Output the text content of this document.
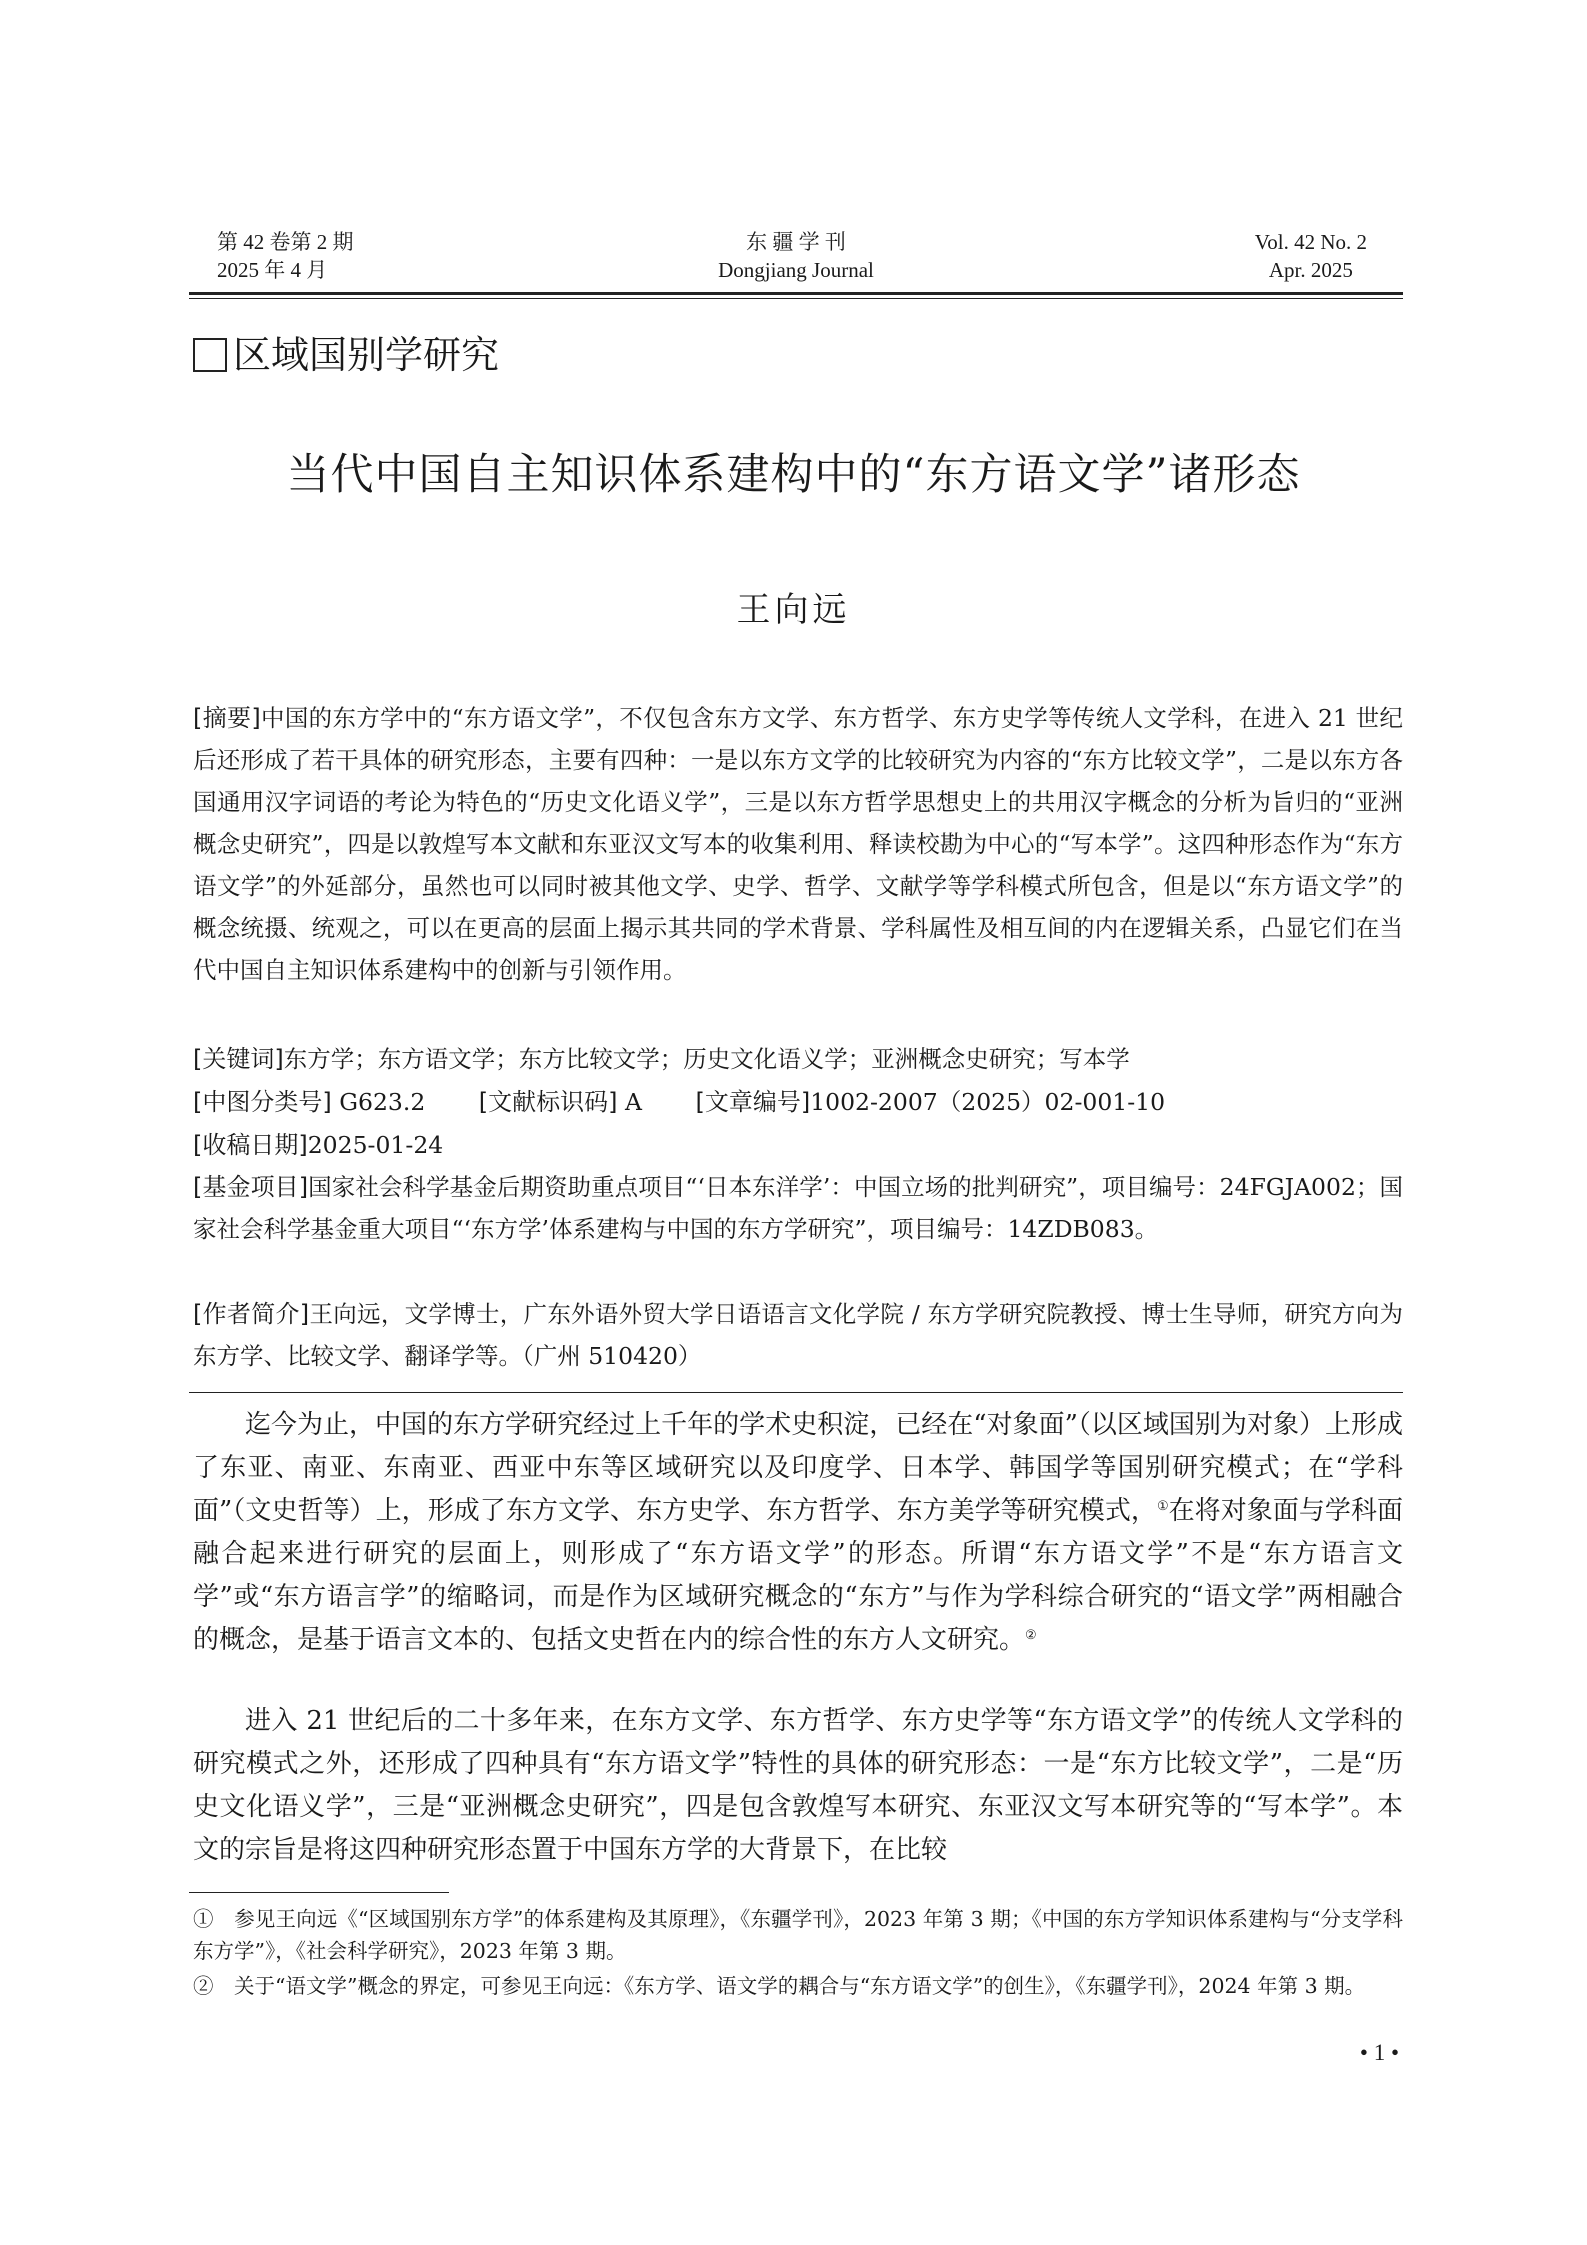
第 42 卷第 2 期
2025 年 4 月
东 疆 学 刊
Dongjiang Journal
Vol. 42 No. 2
Apr. 2025
区域国别学研究
当代中国自主知识体系建构中的“东方语文学”诸形态
王向远
[摘要]中国的东方学中的“东方语文学”，不仅包含东方文学、东方哲学、东方史学等传统人文学科，在进入 21 世纪后还形成了若干具体的研究形态，主要有四种：一是以东方文学的比较研究为内容的“东方比较文学”，二是以东方各国通用汉字词语的考论为特色的“历史文化语义学”，三是以东方哲学思想史上的共用汉字概念的分析为旨归的“亚洲概念史研究”，四是以敦煌写本文献和东亚汉文写本的收集利用、释读校勘为中心的“写本学”。这四种形态作为“东方语文学”的外延部分，虽然也可以同时被其他文学、史学、哲学、文献学等学科模式所包含，但是以“东方语文学”的概念统摄、统观之，可以在更高的层面上揭示其共同的学术背景、学科属性及相互间的内在逻辑关系，凸显它们在当代中国自主知识体系建构中的创新与引领作用。
[关键词]东方学；东方语文学；东方比较文学；历史文化语义学；亚洲概念史研究；写本学
[中图分类号] G623.2 [文献标识码] A [文章编号]1002-2007（2025）02-001-10
[收稿日期]2025-01-24
[基金项目]国家社会科学基金后期资助重点项目“‘日本东洋学’：中国立场的批判研究”，项目编号：24FGJA002；国家社会科学基金重大项目“‘东方学’体系建构与中国的东方学研究”，项目编号：14ZDB083。
[作者简介]王向远，文学博士，广东外语外贸大学日语语言文化学院 / 东方学研究院教授、博士生导师，研究方向为东方学、比较文学、翻译学等。（广州 510420）

迄今为止，中国的东方学研究经过上千年的学术史积淀，已经在“对象面”（以区域国别为对象）上形成了东亚、南亚、东南亚、西亚中东等区域研究以及印度学、日本学、韩国学等国别研究模式；在“学科面”（文史哲等）上，形成了东方文学、东方史学、东方哲学、东方美学等研究模式，①在将对象面与学科面融合起来进行研究的层面上，则形成了“东方语文学”的形态。所谓“东方语文学”不是“东方语言文学”或“东方语言学”的缩略词，而是作为区域研究概念的“东方”与作为学科综合研究的“语文学”两相融合的概念，是基于语言文本的、包括文史哲在内的综合性的东方人文研究。②

进入 21 世纪后的二十多年来，在东方文学、东方哲学、东方史学等“东方语文学”的传统人文学科的研究模式之外，还形成了四种具有“东方语文学”特性的具体的研究形态：一是“东方比较文学”，二是“历史文化语义学”，三是“亚洲概念史研究”，四是包含敦煌写本研究、东亚汉文写本研究等的“写本学”。本文的宗旨是将这四种研究形态置于中国东方学的大背景下，在比较

①　参见王向远《“区域国别东方学”的体系建构及其原理》，《东疆学刊》，2023 年第 3 期；《中国的东方学知识体系建构与“分支学科东方学”》，《社会科学研究》，2023 年第 3 期。
②　关于“语文学”概念的界定，可参见王向远：《东方学、语文学的耦合与“东方语文学”的创生》，《东疆学刊》，2024 年第 3 期。
• 1 •
